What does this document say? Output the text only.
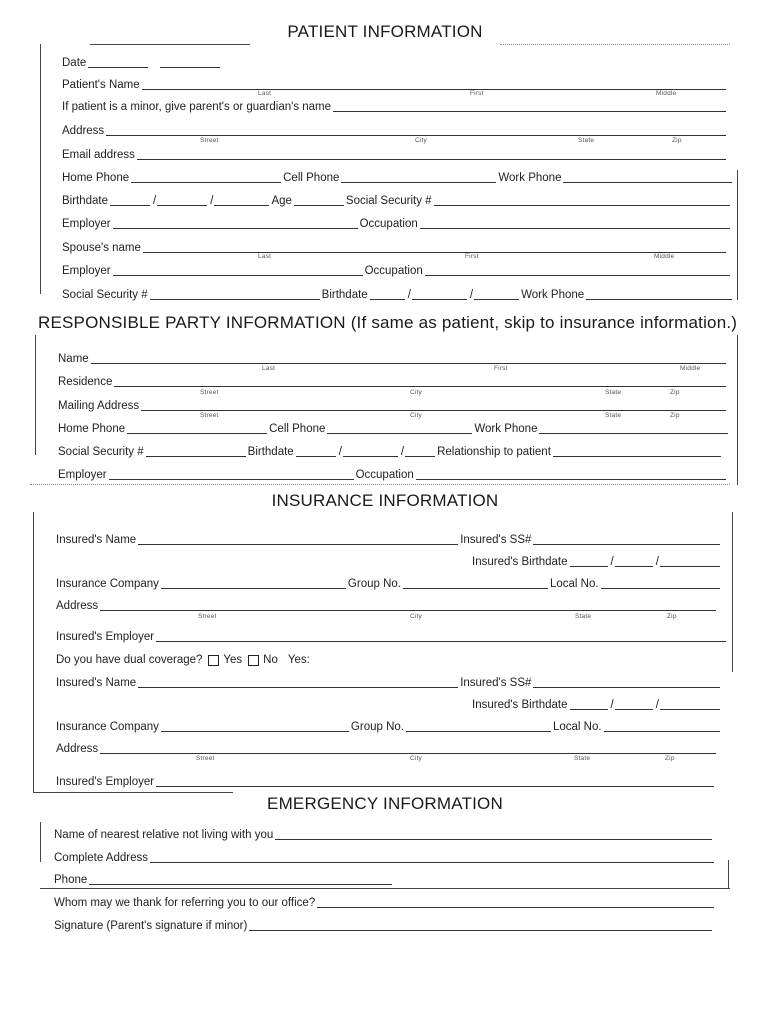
PATIENT INFORMATION
Date
Patient's Name
Last	First	Middle
If patient is a minor, give parent's or guardian's name
Address
Street	City	State	Zip
Email address
Home Phone	Cell Phone	Work Phone
Birthdate	/	/	Age	Social Security #
Employer	Occupation
Spouse's name
Last	First	Middle
Employer	Occupation
Social Security #	Birthdate	/	/	Work Phone
RESPONSIBLE PARTY INFORMATION (If same as patient, skip to insurance information.)
Name
Last	First	Middle
Residence
Street	City	State	Zip
Mailing Address
Street	City	State	Zip
Home Phone	Cell Phone	Work Phone
Social Security #	Birthdate	/	/	Relationship to patient
Employer	Occupation
INSURANCE INFORMATION
Insured's Name	Insured's SS#
Insured's Birthdate	/	/
Insurance Company	Group No.	Local No.
Address
Street	City	State	Zip
Insured's Employer
Do you have dual coverage? Yes No Yes:
Insured's Name	Insured's SS#
Insured's Birthdate	/	/
Insurance Company	Group No.	Local No.
Address
Street	City	State	Zip
Insured's Employer
EMERGENCY INFORMATION
Name of nearest relative not living with you
Complete Address
Phone
Whom may we thank for referring you to our office?
Signature (Parent's signature if minor)
